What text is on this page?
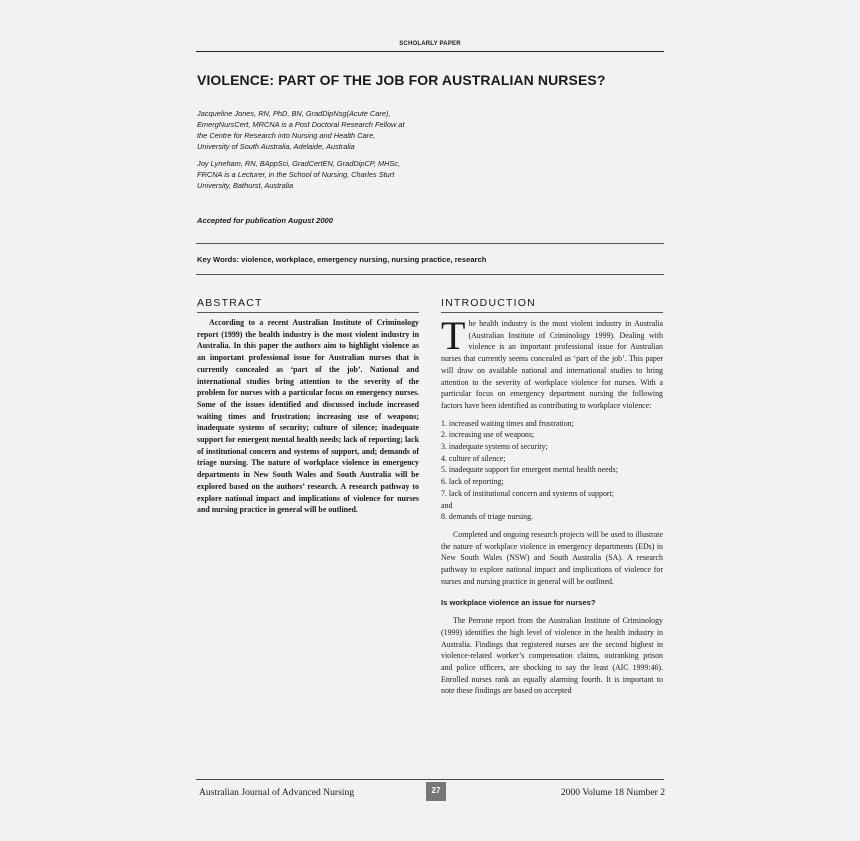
SCHOLARLY PAPER
VIOLENCE: PART OF THE JOB FOR AUSTRALIAN NURSES?

Jacqueline Jones, RN, PhD, BN, GradDipNsg(Acute Care),

EmergNursCert, MRCNA is a Post Doctoral Research Fellow at

the Centre for Research into Nursing and Health Care,

University of South Australia, Adelaide, Australia

Joy Lyneham, RN, BAppSci, GradCertEN, GradDipCP, MHSc,

FRCNA is a Lecturer, in the School of Nursing, Charles Sturt

University, Bathurst, Australia

Accepted for publication August 2000
Key Words: violence, workplace, emergency nursing, nursing practice, research
ABSTRACT

According to a recent Australian Institute of Criminology report (1999) the health industry is the most violent industry in Australia. In this paper the authors aim to highlight violence as an important professional issue for Australian nurses that is currently concealed as ‘part of the job’. National and international studies bring attention to the severity of the problem for nurses with a particular focus on emergency nurses. Some of the issues identified and discussed include increased waiting times and frustration; increasing use of weapons; inadequate systems of security; culture of silence; inadequate support for emergent mental health needs; lack of reporting; lack of institutional concern and systems of support, and; demands of triage nursing. The nature of workplace violence in emergency departments in New South Wales and South Australia will be explored based on the authors’ research. A research pathway to explore national impact and implications of violence for nurses and nursing practice in general will be outlined.

INTRODUCTION

The health industry is the most violent industry in Australia (Australian Institute of Criminology 1999). Dealing with violence is an important professional issue for Australian nurses that currently seems concealed as ‘part of the job’. This paper will draw on available national and international studies to bring attention to the severity of workplace violence for nurses. With a particular focus on emergency department nursing the following factors have been identified as contributing to workplace violence:

1. increased waiting times and frustration;
2. increasing use of weapons;
3. inadequate systems of security;
4. culture of silence;
5. inadequate support for emergent mental health needs;
6. lack of reporting;
7. lack of institutional concern and systems of support;
and
8. demands of triage nursing.

Completed and ongoing research projects will be used to illustrate the nature of workplace violence in emergency departments (EDs) in New South Wales (NSW) and South Australia (SA). A research pathway to explore national impact and implications of violence for nurses and nursing practice in general will be outlined.

Is workplace violence an issue for nurses?

The Perrone report from the Australian Institute of Criminology (1999) identifies the high level of violence in the health industry in Australia. Findings that registered nurses are the second highest in violence-related worker’s compensation claims, outranking prison and police officers, are shocking to say the least (AIC 1999:46). Enrolled nurses rank an equally alarming fourth. It is important to note these findings are based on accepted

Australian Journal of Advanced Nursing	27	2000 Volume 18 Number 2
